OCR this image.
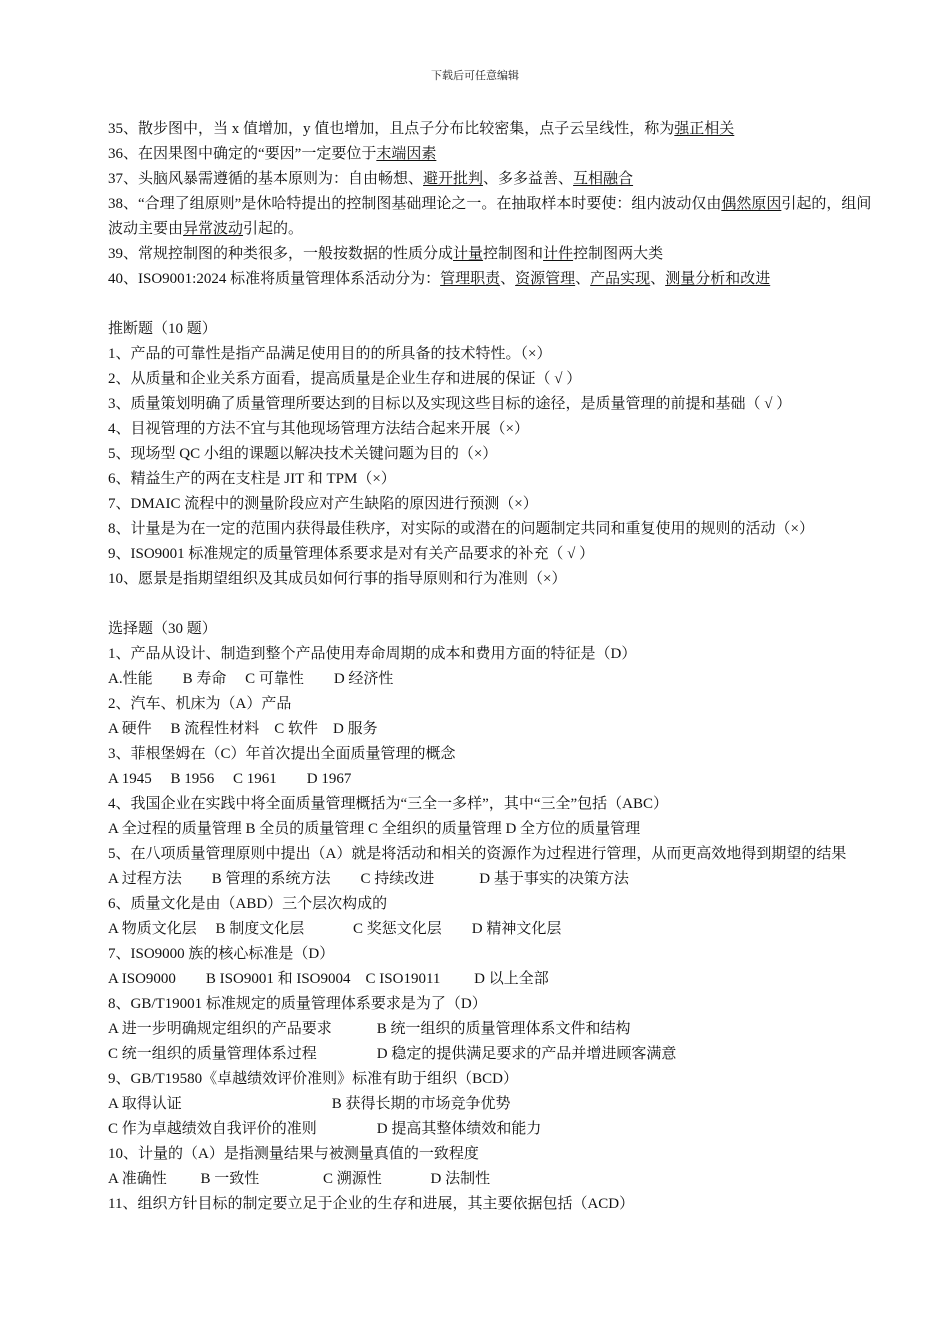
下载后可任意编辑
35、散步图中，当 x 值增加，y 值也增加，且点子分布比较密集，点子云呈线性，称为强正相关
36、在因果图中确定的“要因”一定要位于末端因素
37、头脑风暴需遵循的基本原则为：自由畅想、避开批判、多多益善、互相融合
38、“合理了组原则”是休哈特提出的控制图基础理论之一。在抽取样本时要使：组内波动仅由偶然原因引起的，组间波动主要由异常波动引起的。
39、常规控制图的种类很多，一般按数据的性质分成计量控制图和计件控制图两大类
40、ISO9001:2024 标准将质量管理体系活动分为：管理职责、资源管理、产品实现、测量分析和改进
推断题（10 题）
1、产品的可靠性是指产品满足使用目的的所具备的技术特性。（×）
2、从质量和企业关系方面看，提高质量是企业生存和进展的保证（ √ ）
3、质量策划明确了质量管理所要达到的目标以及实现这些目标的途径，是质量管理的前提和基础（ √ ）
4、目视管理的方法不宜与其他现场管理方法结合起来开展（×）
5、现场型 QC 小组的课题以解决技术关键问题为目的（×）
6、精益生产的两在支柱是 JIT 和 TPM（×）
7、DMAIC 流程中的测量阶段应对产生缺陷的原因进行预测（×）
8、计量是为在一定的范围内获得最佳秩序，对实际的或潜在的问题制定共同和重复使用的规则的活动（×）
9、ISO9001 标准规定的质量管理体系要求是对有关产品要求的补充（ √ ）
10、愿景是指期望组织及其成员如何行事的指导原则和行为准则（×）
选择题（30 题）
1、产品从设计、制造到整个产品使用寿命周期的成本和费用方面的特征是（D）
A.性能　　B 寿命　 C 可靠性　　D 经济性
2、汽车、机床为（A）产品
A 硬件　 B 流程性材料　C 软件　D 服务
3、菲根堡姆在（C）年首次提出全面质量管理的概念
A 1945　 B 1956　 C 1961　　D 1967
4、我国企业在实践中将全面质量管理概括为“三全一多样”，其中“三全”包括（ABC）
A 全过程的质量管理 B 全员的质量管理 C 全组织的质量管理 D 全方位的质量管理
5、在八项质量管理原则中提出（A）就是将活动和相关的资源作为过程进行管理，从而更高效地得到期望的结果
A 过程方法　　B 管理的系统方法　　C 持续改进　　　D 基于事实的决策方法
6、质量文化是由（ABD）三个层次构成的
A 物质文化层　 B 制度文化层　　　 C 奖惩文化层　　D 精神文化层
7、ISO9000 族的核心标准是（D）
A ISO9000　　B ISO9001 和 ISO9004　C ISO19011　　 D 以上全部
8、GB/T19001 标准规定的质量管理体系要求是为了（D）
A 进一步明确规定组织的产品要求　　　B 统一组织的质量管理体系文件和结构
C 统一组织的质量管理体系过程　　　　D 稳定的提供满足要求的产品并增进顾客满意
9、GB/T19580《卓越绩效评价准则》标准有助于组织（BCD）
A 取得认证　　　　　　　　　　B 获得长期的市场竞争优势
C 作为卓越绩效自我评价的准则　　　　D 提高其整体绩效和能力
10、计量的（A）是指测量结果与被测量真值的一致程度
A 准确性　　 B 一致性　　　　 C 溯源性　　　 D 法制性
11、组织方针目标的制定要立足于企业的生存和进展，其主要依据包括（ACD）
